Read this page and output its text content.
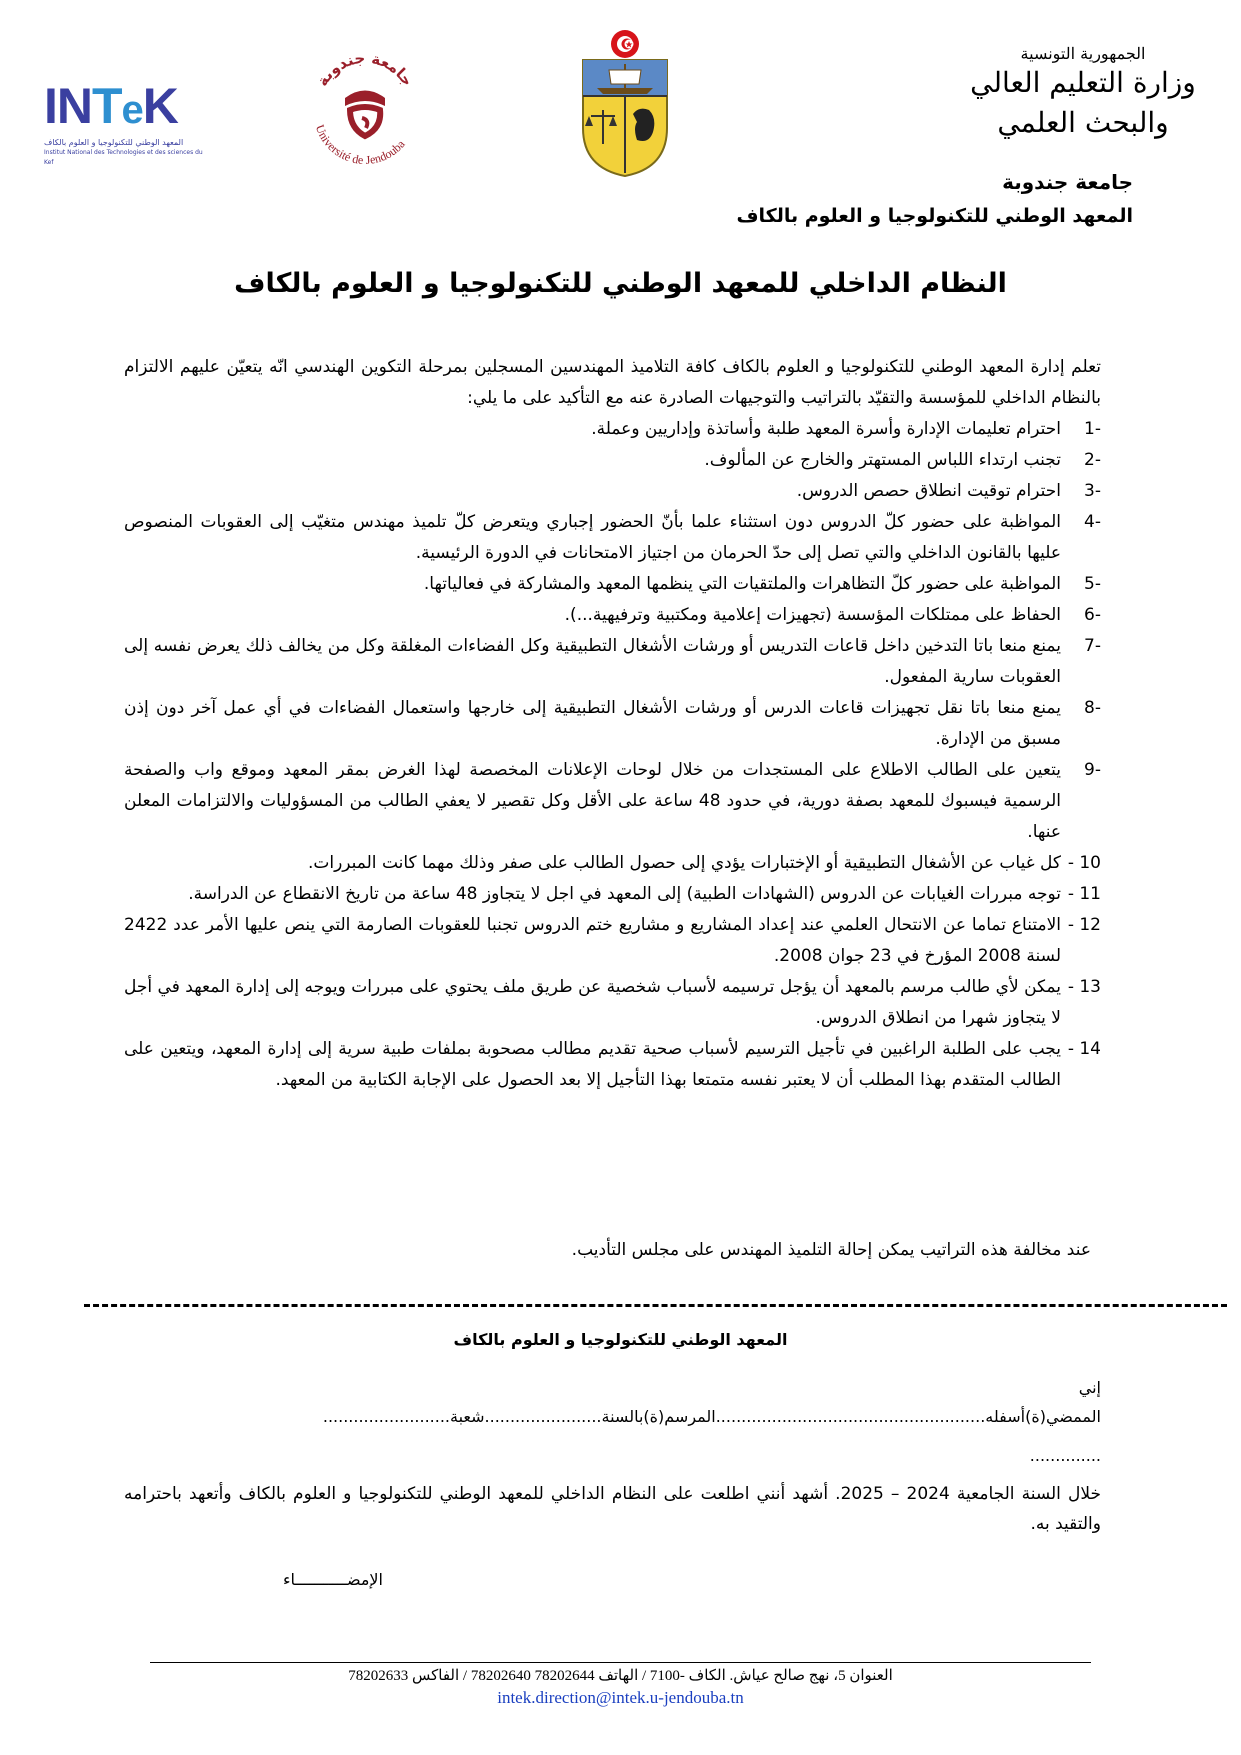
INTeK
المعهد الوطني للتكنولوجيا و العلوم بالكاف
Institut National des Technologies et des sciences du Kef
جامعة جندوبة
Université de Jendouba
الجمهورية التونسية
وزارة التعليم العالي
والبحث العلمي
جامعة جندوبة
المعهد الوطني للتكنولوجيا و العلوم بالكاف
النظام الداخلي للمعهد الوطني للتكنولوجيا و العلوم بالكاف
تعلم إدارة المعهد الوطني للتكنولوجيا و العلوم بالكاف كافة التلاميذ المهندسين المسجلين بمرحلة التكوين الهندسي انّه يتعيّن عليهم الالتزام بالنظام الداخلي للمؤسسة والتقيّد بالتراتيب والتوجيهات الصادرة عنه مع التأكيد على ما يلي:
-1
احترام تعليمات الإدارة وأسرة المعهد طلبة وأساتذة وإداريين وعملة.
-2
تجنب ارتداء اللباس المستهتر والخارج عن المألوف.
-3
احترام توقيت انطلاق حصص الدروس.
-4
المواظبة على حضور كلّ الدروس دون استثناء علما بأنّ الحضور إجباري ويتعرض كلّ تلميذ مهندس متغيّب إلى العقوبات المنصوص عليها بالقانون الداخلي والتي تصل إلى حدّ الحرمان من اجتياز الامتحانات في الدورة الرئيسية.
-5
المواظبة على حضور كلّ التظاهرات والملتقيات التي ينظمها المعهد والمشاركة في فعالياتها.
-6
الحفاظ على ممتلكات المؤسسة (تجهيزات إعلامية ومكتبية وترفيهية...).
-7
يمنع منعا باتا التدخين داخل قاعات التدريس أو ورشات الأشغال التطبيقية وكل الفضاءات المغلقة وكل من يخالف ذلك يعرض نفسه إلى العقوبات سارية المفعول.
-8
يمنع منعا باتا نقل تجهيزات قاعات الدرس أو ورشات الأشغال التطبيقية إلى خارجها واستعمال الفضاءات في أي عمل آخر دون إذن مسبق من الإدارة.
-9
يتعين على الطالب الاطلاع على المستجدات من خلال لوحات الإعلانات المخصصة لهذا الغرض بمقر المعهد وموقع واب والصفحة الرسمية فيسبوك للمعهد بصفة دورية، في حدود 48 ساعة على الأقل وكل تقصير لا يعفي الطالب من المسؤوليات والالتزامات المعلن عنها.
10 -
كل غياب عن الأشغال التطبيقية أو الإختبارات يؤدي إلى حصول الطالب على صفر وذلك مهما كانت المبررات.
11 -
توجه مبررات الغيابات عن الدروس (الشهادات الطبية) إلى المعهد في اجل لا يتجاوز 48 ساعة من تاريخ الانقطاع عن الدراسة.
12 -
الامتناع تماما عن الانتحال العلمي عند إعداد المشاريع و مشاريع ختم الدروس تجنبا للعقوبات الصارمة التي ينص عليها الأمر عدد 2422 لسنة 2008 المؤرخ في 23 جوان 2008.
13 -
يمكن لأي طالب مرسم بالمعهد أن يؤجل ترسيمه لأسباب شخصية عن طريق ملف يحتوي على مبررات ويوجه إلى إدارة المعهد في أجل لا يتجاوز شهرا من انطلاق الدروس.
14 -
يجب على الطلبة الراغبين في تأجيل الترسيم لأسباب صحية تقديم مطالب مصحوبة بملفات طبية سرية إلى إدارة المعهد، ويتعين على الطالب المتقدم بهذا المطلب أن لا يعتبر نفسه متمتعا بهذا التأجيل إلا بعد الحصول على الإجابة الكتابية من المعهد.
عند مخالفة هذه التراتيب يمكن إحالة التلميذ المهندس على مجلس التأديب.
المعهد الوطني للتكنولوجيا و العلوم بالكاف
إني
الممضي(ة)أسفله.....................................................المرسم(ة)بالسنة.......................شعبة.........................
..............
خلال السنة الجامعية 2024 – 2025. أشهد أنني اطلعت على النظام الداخلي للمعهد الوطني للتكنولوجيا و العلوم بالكاف وأتعهد باحترامه والتقيد به.
الإمضـــــــــــاء
العنوان 5، نهج صالح عياش. الكاف -7100 / الهاتف 78202644 78202640 / الفاكس 78202633
intek.direction@intek.u-jendouba.tn
